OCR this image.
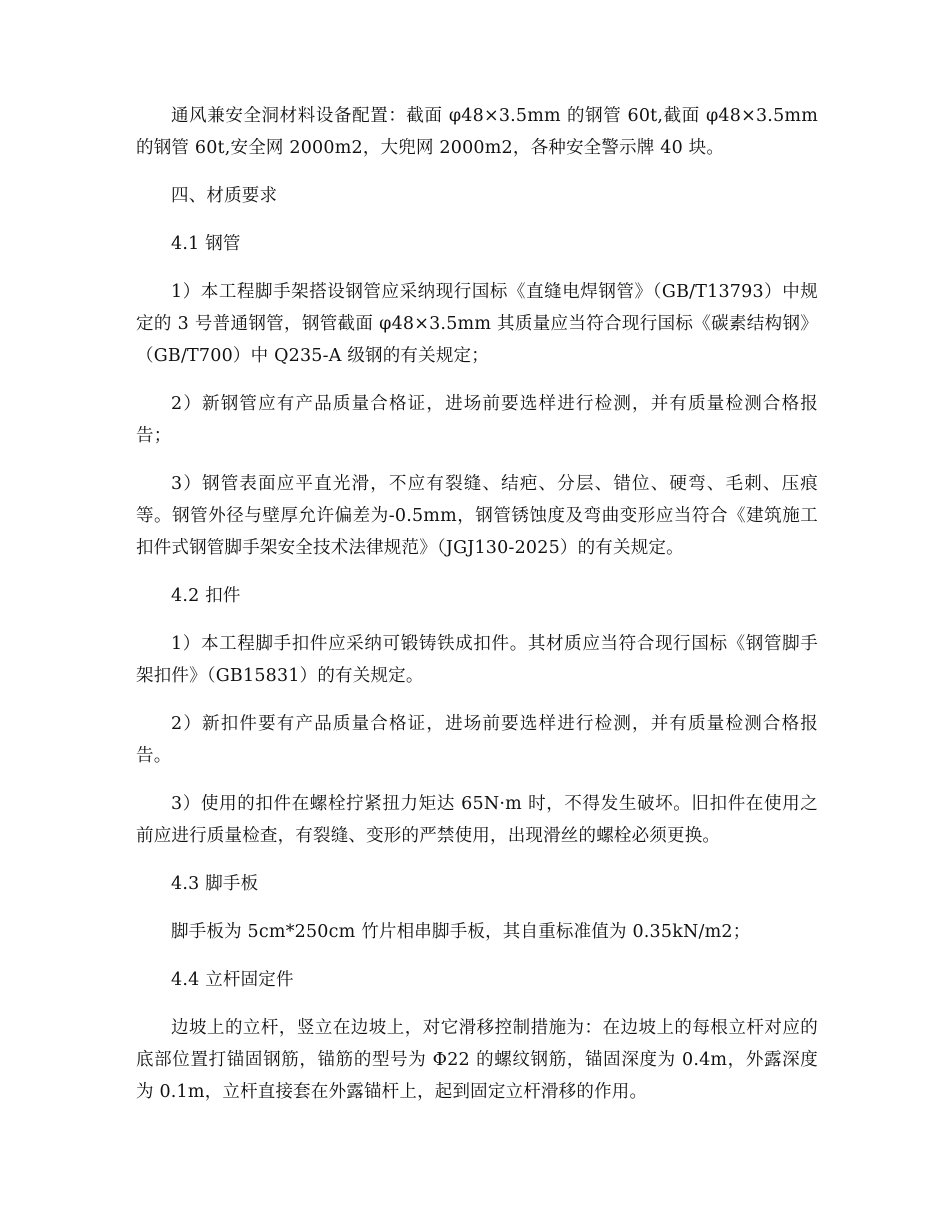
通风兼安全洞材料设备配置：截面 φ48×3.5mm 的钢管 60t,截面 φ48×3.5mm 的钢管 60t,安全网 2000m2，大兜网 2000m2，各种安全警示牌 40 块。

四、材质要求

4.1 钢管

1）本工程脚手架搭设钢管应采纳现行国标《直缝电焊钢管》（GB/T13793）中规定的 3 号普通钢管，钢管截面 φ48×3.5mm 其质量应当符合现行国标《碳素结构钢》（GB/T700）中 Q235-A 级钢的有关规定；

2）新钢管应有产品质量合格证，进场前要选样进行检测，并有质量检测合格报告；

3）钢管表面应平直光滑，不应有裂缝、结疤、分层、错位、硬弯、毛刺、压痕等。钢管外径与壁厚允许偏差为-0.5mm，钢管锈蚀度及弯曲变形应当符合《建筑施工扣件式钢管脚手架安全技术法律规范》（JGJ130-2025）的有关规定。

4.2 扣件

1）本工程脚手扣件应采纳可锻铸铁成扣件。其材质应当符合现行国标《钢管脚手架扣件》（GB15831）的有关规定。

2）新扣件要有产品质量合格证，进场前要选样进行检测，并有质量检测合格报告。

3）使用的扣件在螺栓拧紧扭力矩达 65N·m 时，不得发生破坏。旧扣件在使用之前应进行质量检查，有裂缝、变形的严禁使用，出现滑丝的螺栓必须更换。

4.3 脚手板

脚手板为 5cm*250cm 竹片相串脚手板，其自重标准值为 0.35kN/m2；

4.4 立杆固定件

边坡上的立杆，竖立在边坡上，对它滑移控制措施为：在边坡上的每根立杆对应的底部位置打锚固钢筋，锚筋的型号为 Φ22 的螺纹钢筋，锚固深度为 0.4m，外露深度为 0.1m，立杆直接套在外露锚杆上，起到固定立杆滑移的作用。
